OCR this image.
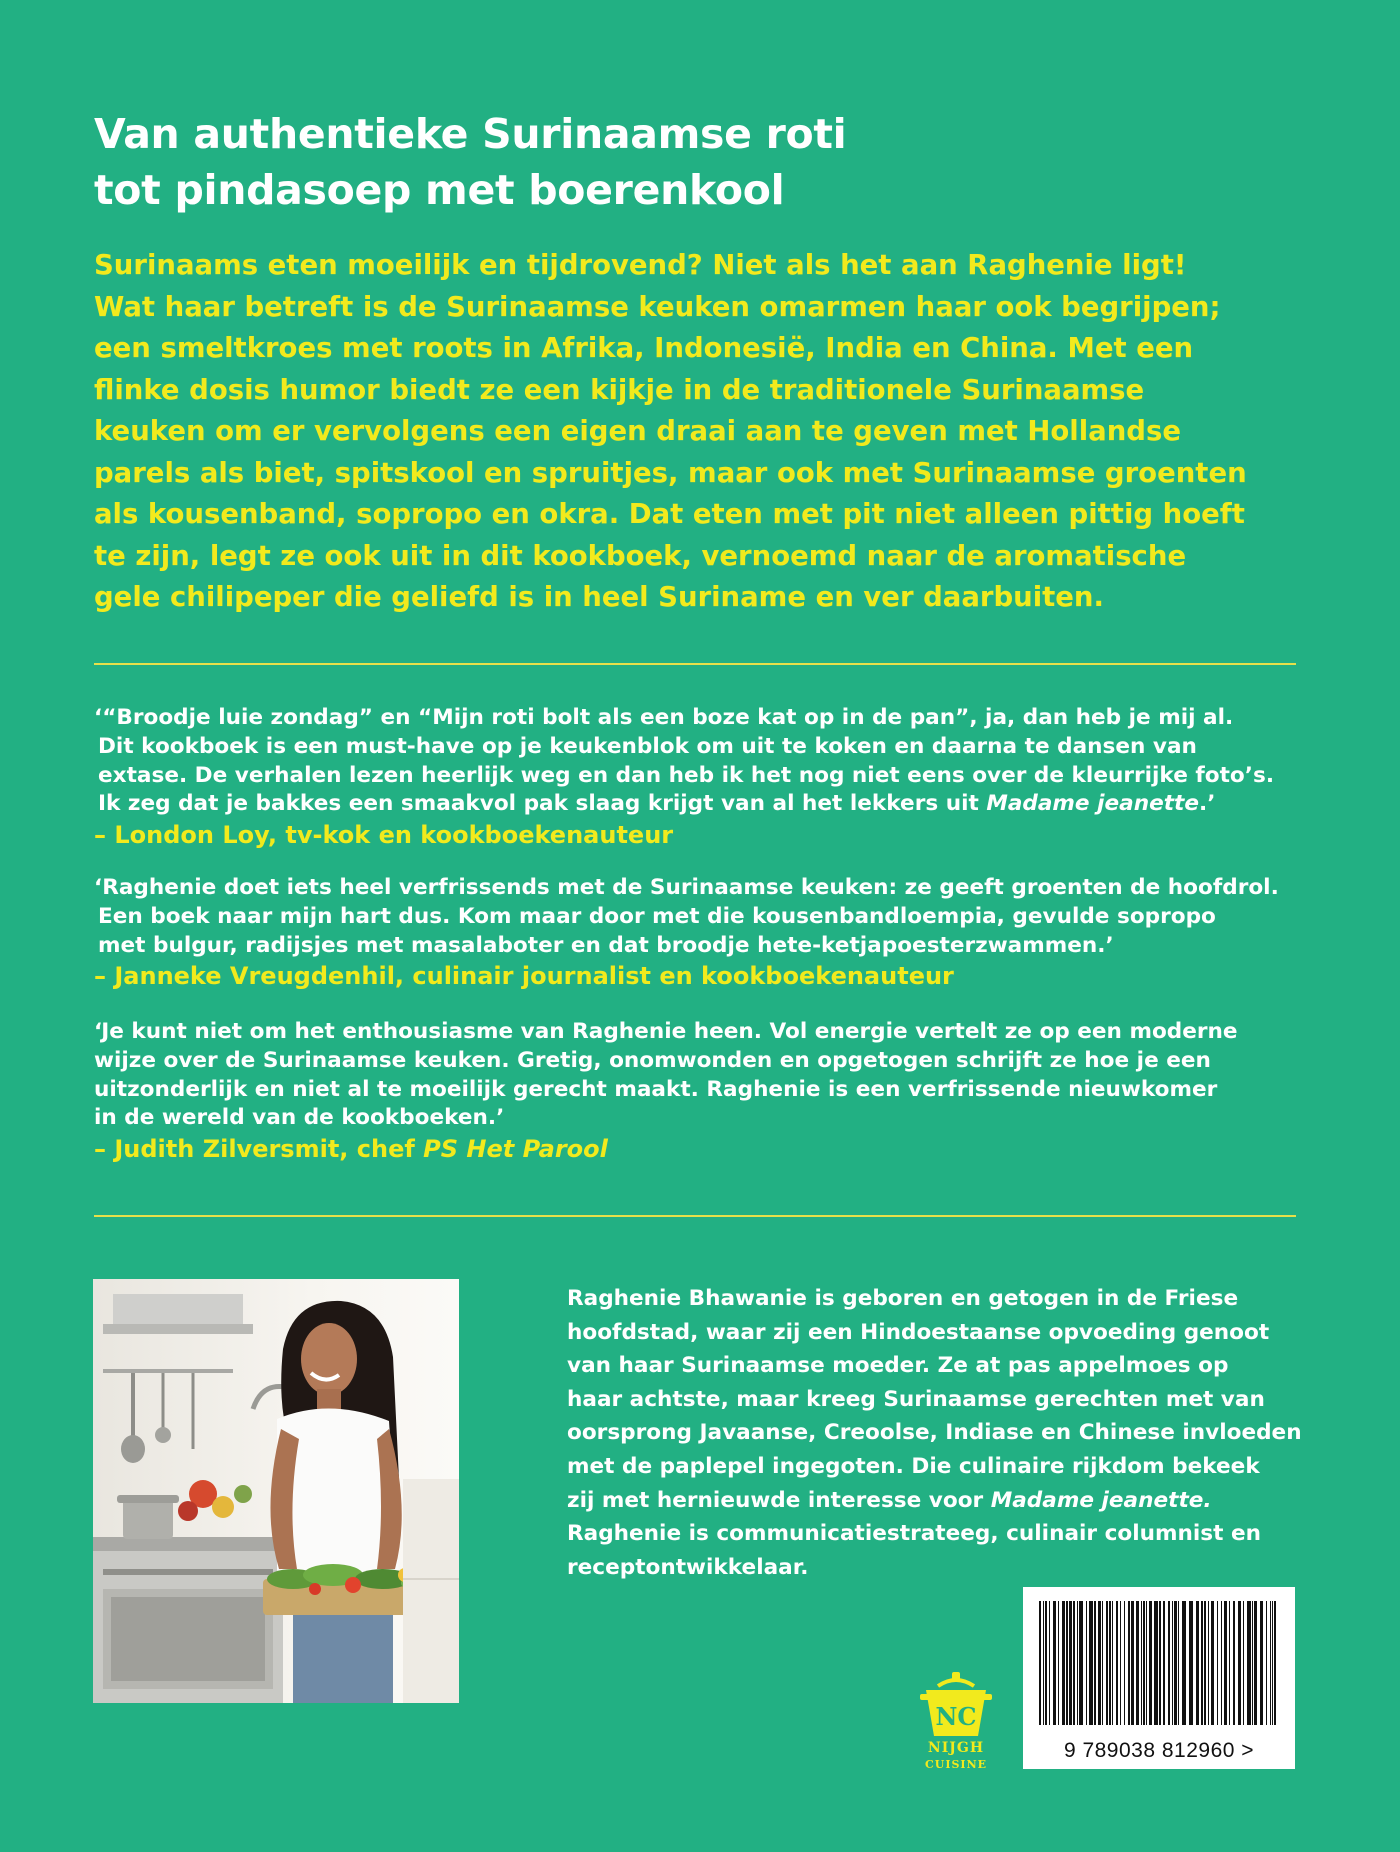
Van authentieke Surinaamse roti
tot pindasoep met boerenkool
Surinaams eten moeilijk en tijdrovend? Niet als het aan Raghenie ligt!
Wat haar betreft is de Surinaamse keuken omarmen haar ook begrijpen;
een smeltkroes met roots in Afrika, Indonesië, India en China. Met een
flinke dosis humor biedt ze een kijkje in de traditionele Surinaamse
keuken om er vervolgens een eigen draai aan te geven met Hollandse
parels als biet, spitskool en spruitjes, maar ook met Surinaamse groenten
als kousenband, sopropo en okra. Dat eten met pit niet alleen pittig hoeft
te zijn, legt ze ook uit in dit kookboek, vernoemd naar de aromatische
gele chilipeper die geliefd is in heel Suriname en ver daarbuiten.
‘“Broodje luie zondag” en “Mijn roti bolt als een boze kat op in de pan”, ja, dan heb je mij al.
Dit kookboek is een must-have op je keukenblok om uit te koken en daarna te dansen van
extase. De verhalen lezen heerlijk weg en dan heb ik het nog niet eens over de kleurrijke foto’s.
Ik zeg dat je bakkes een smaakvol pak slaag krijgt van al het lekkers uit Madame jeanette.’
– London Loy, tv-kok en kookboekenauteur
‘Raghenie doet iets heel verfrissends met de Surinaamse keuken: ze geeft groenten de hoofdrol.
Een boek naar mijn hart dus. Kom maar door met die kousenbandloempia, gevulde sopropo
met bulgur, radijsjes met masalaboter en dat broodje hete-ketjapoesterzwammen.’
– Janneke Vreugdenhil, culinair journalist en kookboekenauteur
‘Je kunt niet om het enthousiasme van Raghenie heen. Vol energie vertelt ze op een moderne
wijze over de Surinaamse keuken. Gretig, onomwonden en opgetogen schrijft ze hoe je een
uitzonderlijk en niet al te moeilijk gerecht maakt. Raghenie is een verfrissende nieuwkomer
in de wereld van de kookboeken.’
– Judith Zilversmit, chef PS Het Parool
Raghenie Bhawanie is geboren en getogen in de Friese
hoofdstad, waar zij een Hindoestaanse opvoeding genoot
van haar Surinaamse moeder. Ze at pas appelmoes op
haar achtste, maar kreeg Surinaamse gerechten met van
oorsprong Javaanse, Creoolse, Indiase en Chinese invloeden
met de paplepel ingegoten. Die culinaire rijkdom bekeek
zij met hernieuwde interesse voor Madame jeanette.
Raghenie is communicatiestrateeg, culinair columnist en
receptontwikkelaar.
NC
NIJGH
CUISINE
9 789038 812960 >
